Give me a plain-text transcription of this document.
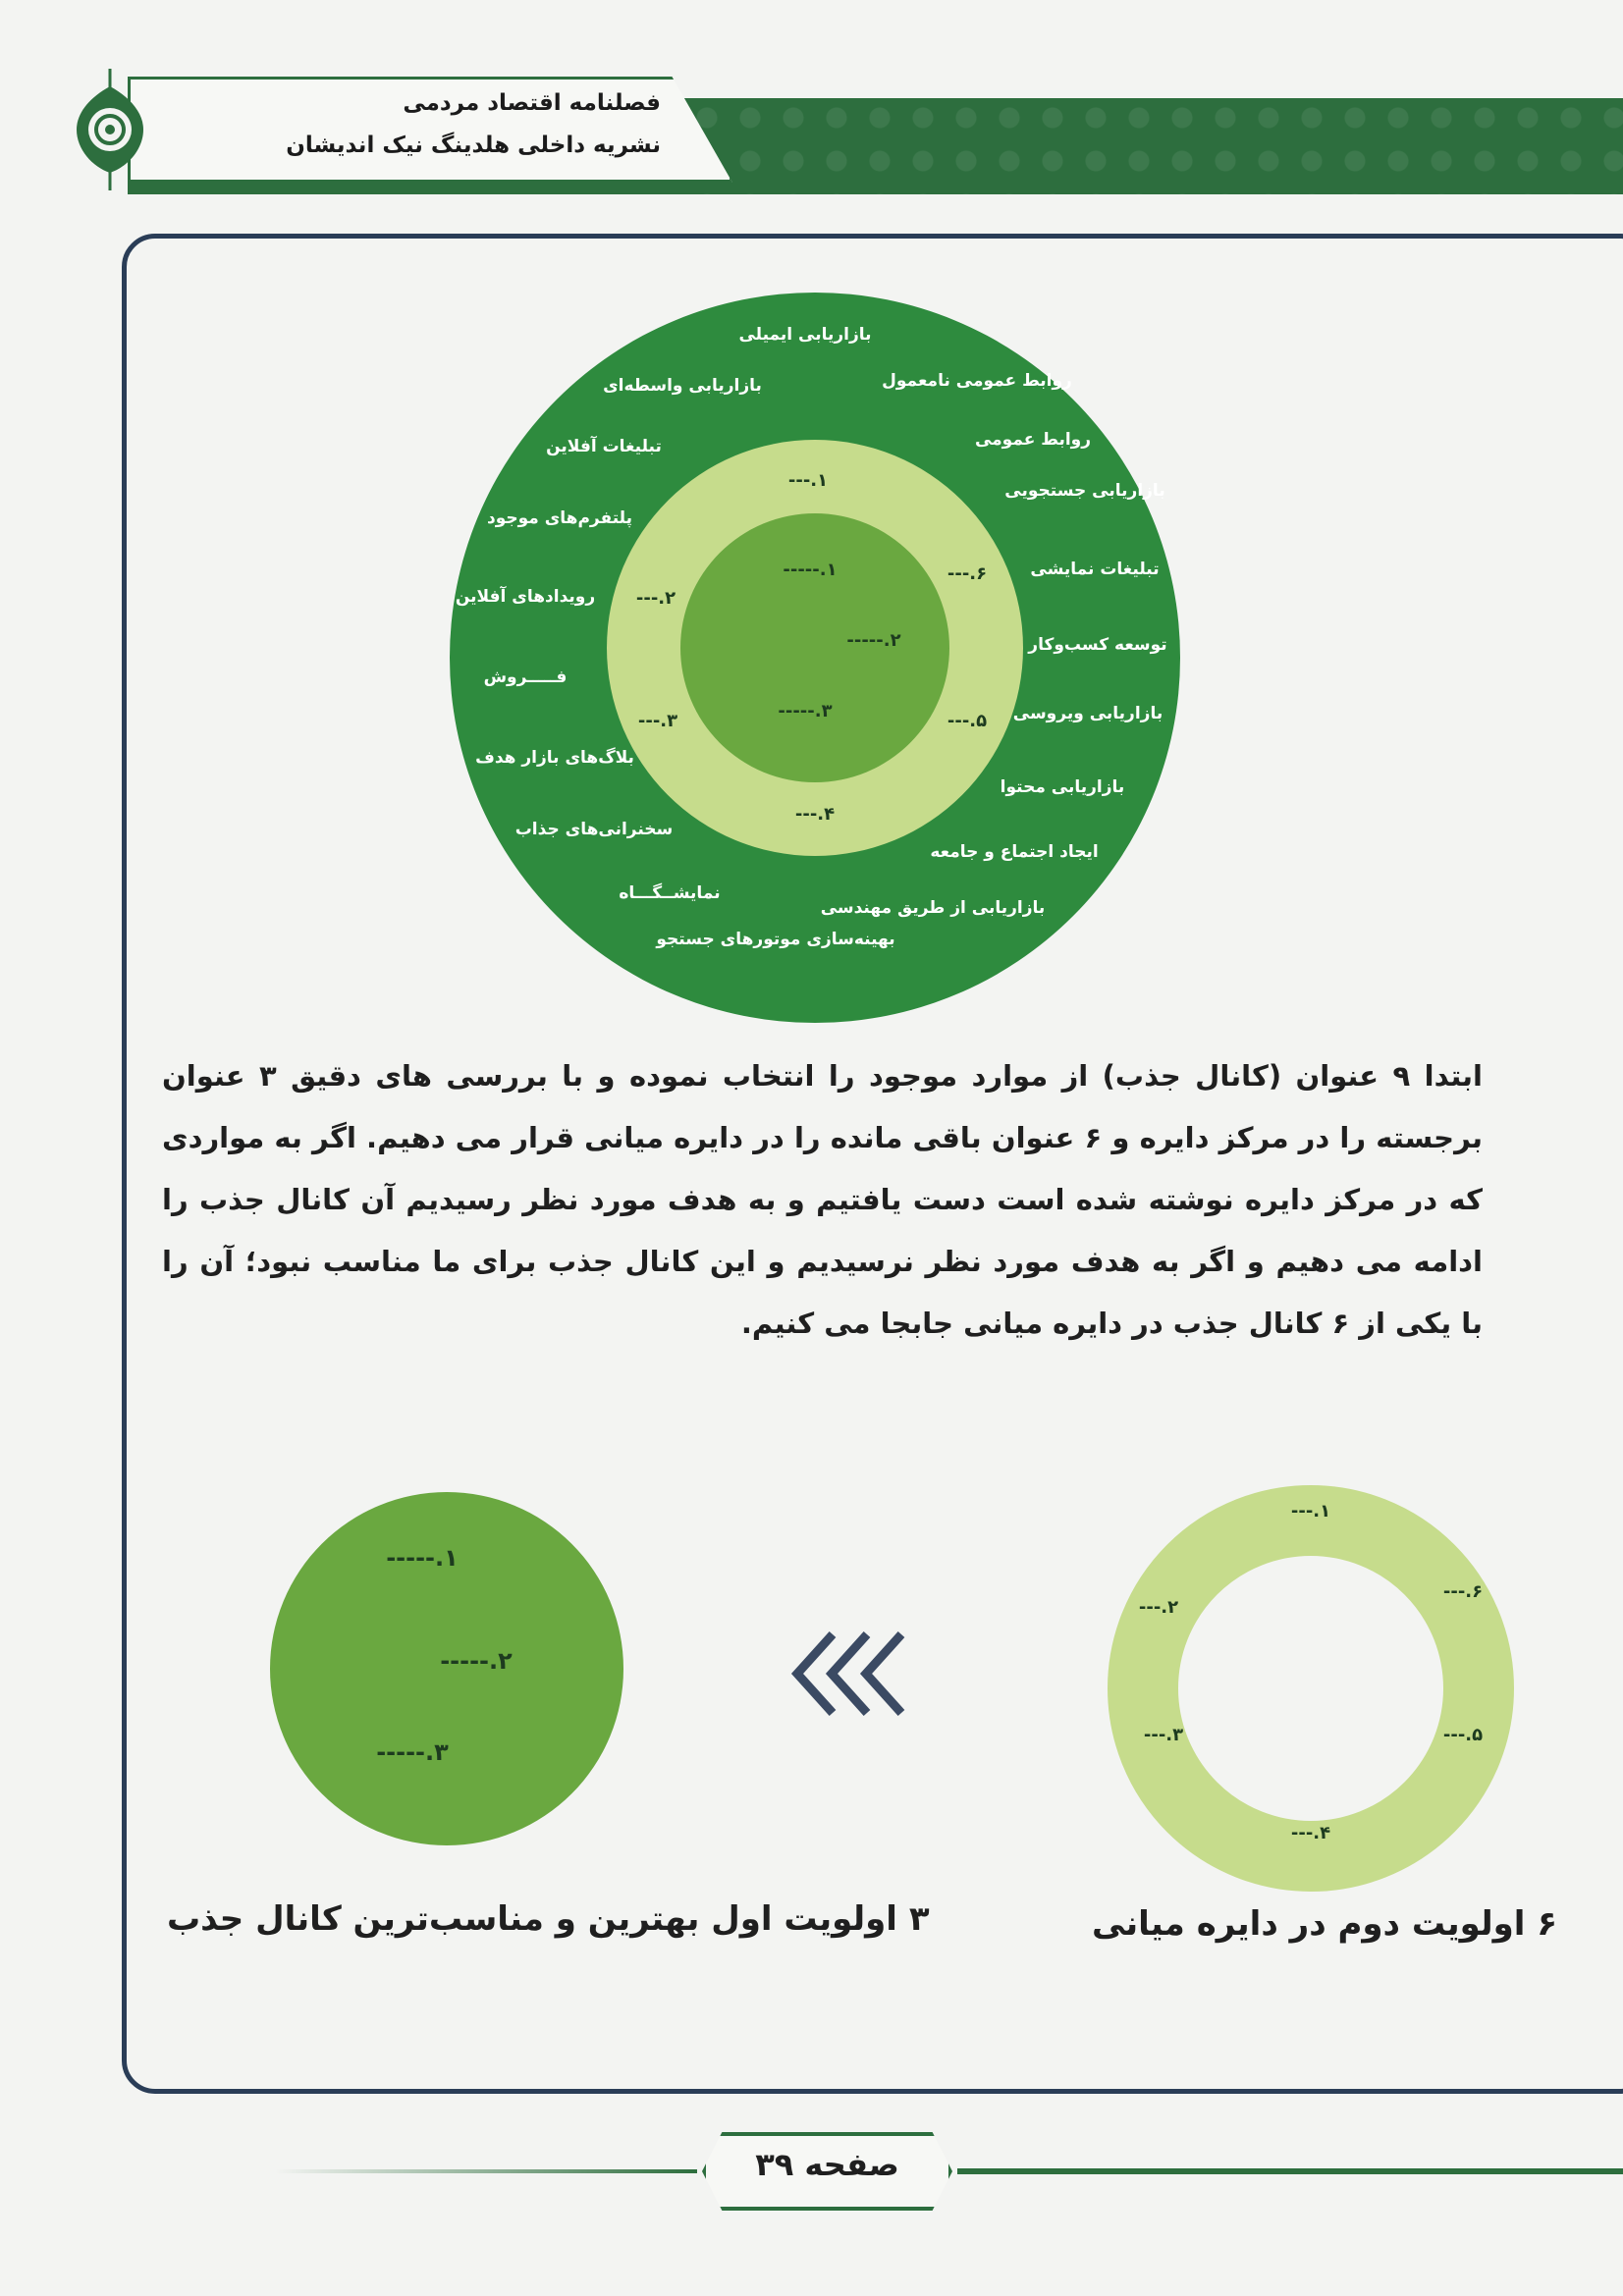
فصلنامه اقتصاد مردمی
نشریه داخلی هلدینگ نیک اندیشان
بازاریابی ایمیلی
روابط عمومی نامعمول
روابط عمومی
بازاریابی جستجویی
تبلیغات نمایشی
توسعه کسب‌وکار
بازاریابی ویروسی
بازاریابی محتوا
ایجاد اجتماع و جامعه
بازاریابی از طریق مهندسی
بهینه‌سازی موتورهای جستجو
نمایشــگـــاه
سخنرانی‌های جذاب
بلاگ‌های بازار هدف
فـــــروش
رویدادهای آفلاین
پلتفرم‌های موجود
تبلیغات آفلاین
بازاریابی واسطه‌ای
۱.---
۶.---
۵.---
۴.---
۳.---
۲.---
۱.-----
۲.-----
۳.-----
ابتدا ۹ عنوان (کانال جذب) از موارد موجود را انتخاب نموده و با بررسی های دقیق ۳ عنوان برجسته را در مرکز دایره و ۶ عنوان باقی مانده را در دایره میانی قرار می دهیم. اگر به مواردی که در مرکز دایره نوشته شده است دست یافتیم و به هدف مورد نظر رسیدیم آن کانال جذب را ادامه می دهیم و اگر به هدف مورد نظر نرسیدیم و این کانال جذب برای ما مناسب نبود؛ آن را با یکی از ۶ کانال جذب در دایره میانی جابجا می کنیم.
۱.-----
۲.-----
۳.-----
۱.---
۶.---
۵.---
۴.---
۳.---
۲.---
۳ اولویت اول بهترین و مناسب‌ترین کانال جذب	۶ اولویت دوم در دایره میانی
صفحه ۳۹
